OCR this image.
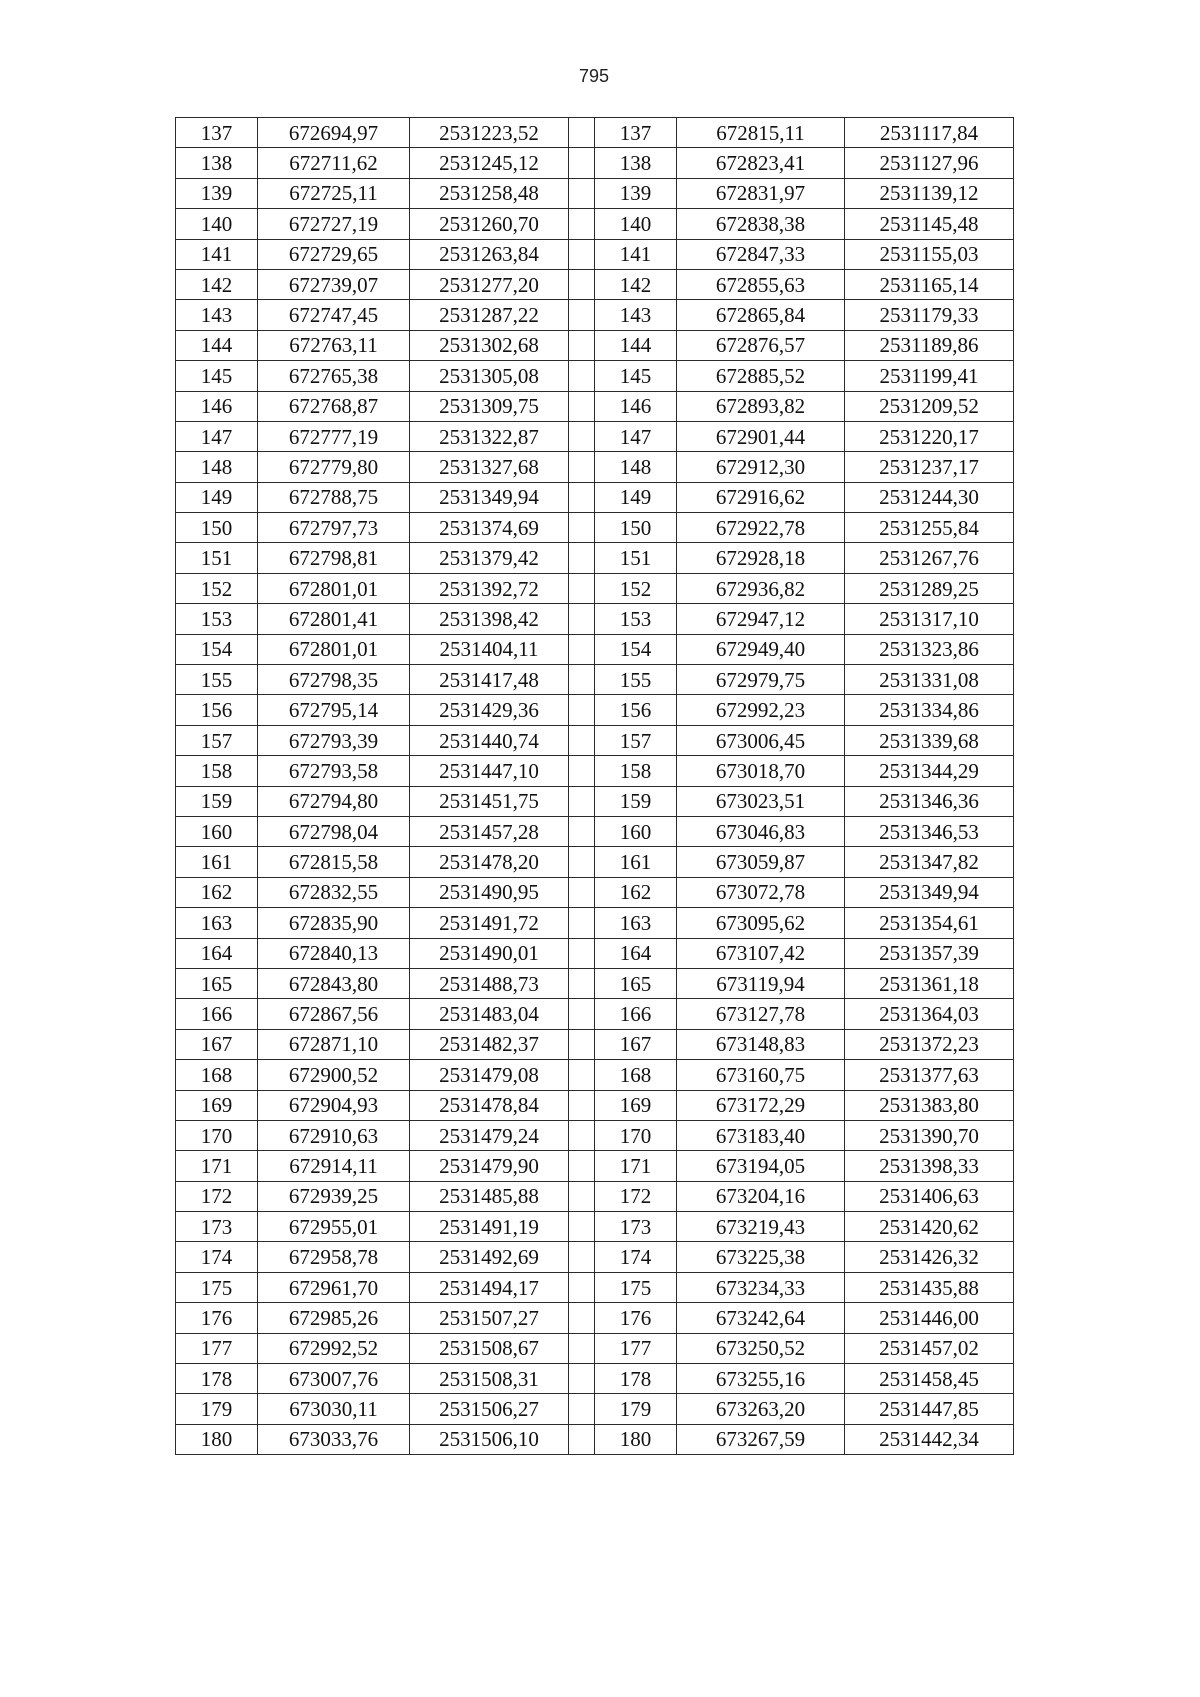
795
137	672694,97	2531223,52		137	672815,11	2531117,84
138	672711,62	2531245,12		138	672823,41	2531127,96
139	672725,11	2531258,48		139	672831,97	2531139,12
140	672727,19	2531260,70		140	672838,38	2531145,48
141	672729,65	2531263,84		141	672847,33	2531155,03
142	672739,07	2531277,20		142	672855,63	2531165,14
143	672747,45	2531287,22		143	672865,84	2531179,33
144	672763,11	2531302,68		144	672876,57	2531189,86
145	672765,38	2531305,08		145	672885,52	2531199,41
146	672768,87	2531309,75		146	672893,82	2531209,52
147	672777,19	2531322,87		147	672901,44	2531220,17
148	672779,80	2531327,68		148	672912,30	2531237,17
149	672788,75	2531349,94		149	672916,62	2531244,30
150	672797,73	2531374,69		150	672922,78	2531255,84
151	672798,81	2531379,42		151	672928,18	2531267,76
152	672801,01	2531392,72		152	672936,82	2531289,25
153	672801,41	2531398,42		153	672947,12	2531317,10
154	672801,01	2531404,11		154	672949,40	2531323,86
155	672798,35	2531417,48		155	672979,75	2531331,08
156	672795,14	2531429,36		156	672992,23	2531334,86
157	672793,39	2531440,74		157	673006,45	2531339,68
158	672793,58	2531447,10		158	673018,70	2531344,29
159	672794,80	2531451,75		159	673023,51	2531346,36
160	672798,04	2531457,28		160	673046,83	2531346,53
161	672815,58	2531478,20		161	673059,87	2531347,82
162	672832,55	2531490,95		162	673072,78	2531349,94
163	672835,90	2531491,72		163	673095,62	2531354,61
164	672840,13	2531490,01		164	673107,42	2531357,39
165	672843,80	2531488,73		165	673119,94	2531361,18
166	672867,56	2531483,04		166	673127,78	2531364,03
167	672871,10	2531482,37		167	673148,83	2531372,23
168	672900,52	2531479,08		168	673160,75	2531377,63
169	672904,93	2531478,84		169	673172,29	2531383,80
170	672910,63	2531479,24		170	673183,40	2531390,70
171	672914,11	2531479,90		171	673194,05	2531398,33
172	672939,25	2531485,88		172	673204,16	2531406,63
173	672955,01	2531491,19		173	673219,43	2531420,62
174	672958,78	2531492,69		174	673225,38	2531426,32
175	672961,70	2531494,17		175	673234,33	2531435,88
176	672985,26	2531507,27		176	673242,64	2531446,00
177	672992,52	2531508,67		177	673250,52	2531457,02
178	673007,76	2531508,31		178	673255,16	2531458,45
179	673030,11	2531506,27		179	673263,20	2531447,85
180	673033,76	2531506,10		180	673267,59	2531442,34
